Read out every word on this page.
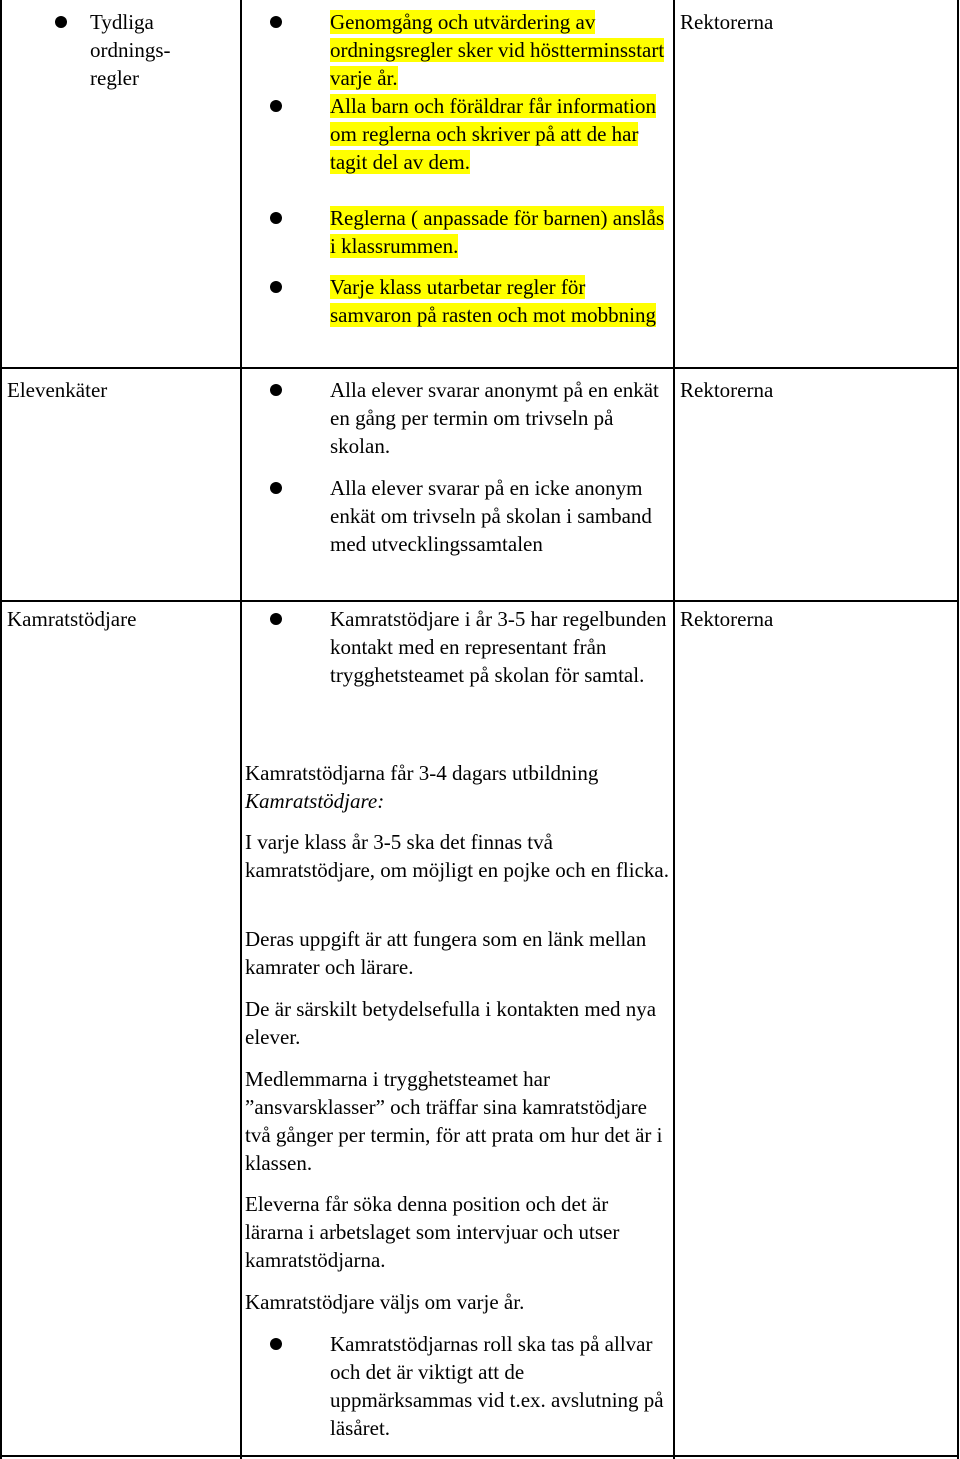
Tydliga ordnings-regler
Genomgång och utvärdering av ordningsregler sker vid höstterminsstart varje år.
Alla barn och föräldrar får information om reglerna och skriver på att de har tagit del av dem.
Reglerna ( anpassade för barnen) anslås i klassrummen.
Varje klass utarbetar regler för samvaron på rasten och mot mobbning
Rektorerna
Elevenkäter	Alla elever svarar anonymt på en enkät en gång per termin om trivseln på skolan.
Alla elever svarar på en icke anonym enkät om trivseln på skolan i samband med utvecklingssamtalen
Rektorerna
Kamratstödjare	Kamratstödjare i år 3-5 har regelbunden kontakt med en representant från trygghetsteamet på skolan för samtal.
Kamratstödjarna får 3-4 dagars utbildning Kamratstödjare:
I varje klass år 3-5 ska det finnas två kamratstödjare, om möjligt en pojke och en flicka.
Deras uppgift är att fungera som en länk mellan kamrater och lärare.
De är särskilt betydelsefulla i kontakten med nya elever.
Medlemmarna i trygghetsteamet har ”ansvarsklasser” och träffar sina kamratstödjare två gånger per termin, för att prata om hur det är i klassen.
Eleverna får söka denna position och det är lärarna i arbetslaget som intervjuar och utser kamratstödjarna.
Kamratstödjare väljs om varje år.
Kamratstödjarnas roll ska tas på allvar och det är viktigt att de uppmärksammas vid t.ex. avslutning på läsåret.
Rektorerna
